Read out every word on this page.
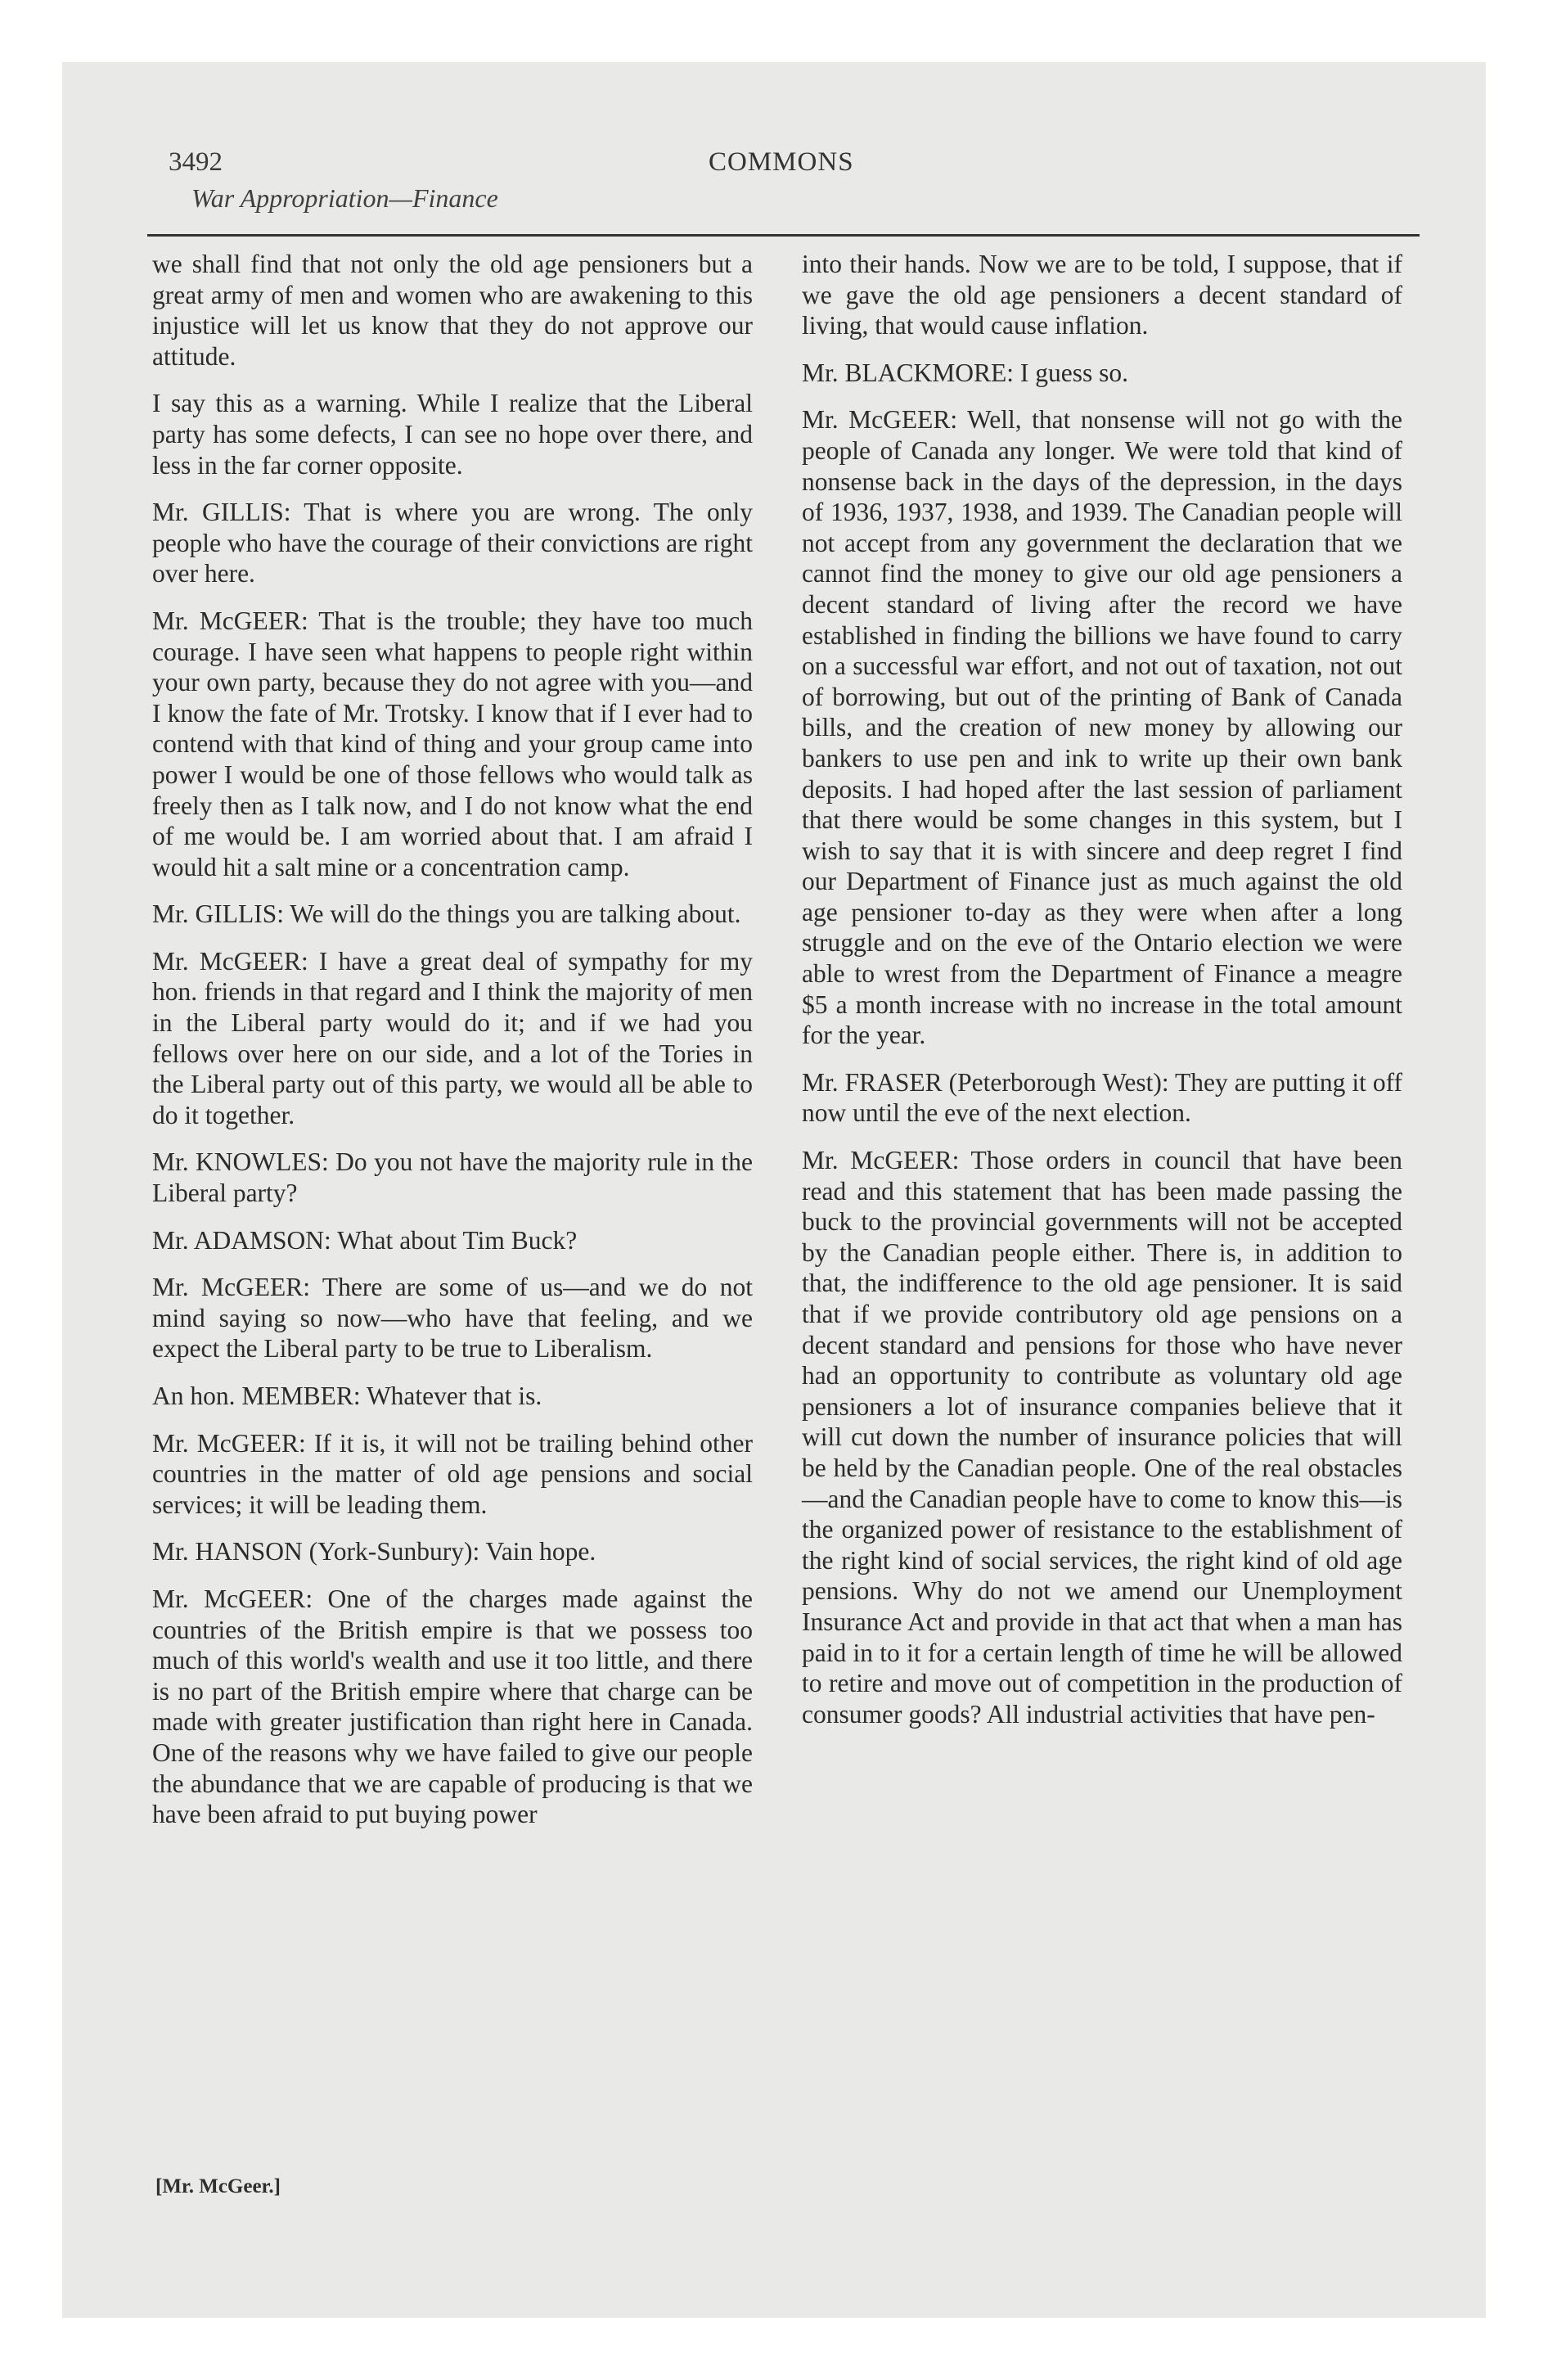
3492
War Appropriation—Finance
COMMONS

we shall find that not only the old age pensioners but a great army of men and women who are awakening to this injustice will let us know that they do not approve our attitude.

I say this as a warning. While I realize that the Liberal party has some defects, I can see no hope over there, and less in the far corner opposite.

Mr. GILLIS: That is where you are wrong. The only people who have the courage of their convictions are right over here.

Mr. McGEER: That is the trouble; they have too much courage. I have seen what happens to people right within your own party, because they do not agree with you—and I know the fate of Mr. Trotsky. I know that if I ever had to contend with that kind of thing and your group came into power I would be one of those fellows who would talk as freely then as I talk now, and I do not know what the end of me would be. I am worried about that. I am afraid I would hit a salt mine or a concentration camp.

Mr. GILLIS: We will do the things you are talking about.

Mr. McGEER: I have a great deal of sympathy for my hon. friends in that regard and I think the majority of men in the Liberal party would do it; and if we had you fellows over here on our side, and a lot of the Tories in the Liberal party out of this party, we would all be able to do it together.

Mr. KNOWLES: Do you not have the majority rule in the Liberal party?

Mr. ADAMSON: What about Tim Buck?

Mr. McGEER: There are some of us—and we do not mind saying so now—who have that feeling, and we expect the Liberal party to be true to Liberalism.

An hon. MEMBER: Whatever that is.

Mr. McGEER: If it is, it will not be trailing behind other countries in the matter of old age pensions and social services; it will be leading them.

Mr. HANSON (York-Sunbury): Vain hope.

Mr. McGEER: One of the charges made against the countries of the British empire is that we possess too much of this world's wealth and use it too little, and there is no part of the British empire where that charge can be made with greater justification than right here in Canada. One of the reasons why we have failed to give our people the abundance that we are capable of producing is that we have been afraid to put buying power

into their hands. Now we are to be told, I suppose, that if we gave the old age pensioners a decent standard of living, that would cause inflation.

Mr. BLACKMORE: I guess so.

Mr. McGEER: Well, that nonsense will not go with the people of Canada any longer. We were told that kind of nonsense back in the days of the depression, in the days of 1936, 1937, 1938, and 1939. The Canadian people will not accept from any government the declaration that we cannot find the money to give our old age pensioners a decent standard of living after the record we have established in finding the billions we have found to carry on a successful war effort, and not out of taxation, not out of borrowing, but out of the printing of Bank of Canada bills, and the creation of new money by allowing our bankers to use pen and ink to write up their own bank deposits. I had hoped after the last session of parliament that there would be some changes in this system, but I wish to say that it is with sincere and deep regret I find our Department of Finance just as much against the old age pensioner to-day as they were when after a long struggle and on the eve of the Ontario election we were able to wrest from the Department of Finance a meagre $5 a month increase with no increase in the total amount for the year.

Mr. FRASER (Peterborough West): They are putting it off now until the eve of the next election.

Mr. McGEER: Those orders in council that have been read and this statement that has been made passing the buck to the provincial governments will not be accepted by the Canadian people either. There is, in addition to that, the indifference to the old age pensioner. It is said that if we provide contributory old age pensions on a decent standard and pensions for those who have never had an opportunity to contribute as voluntary old age pensioners a lot of insurance companies believe that it will cut down the number of insurance policies that will be held by the Canadian people. One of the real obstacles—and the Canadian people have to come to know this—is the organized power of resistance to the establishment of the right kind of social services, the right kind of old age pensions. Why do not we amend our Unemployment Insurance Act and provide in that act that when a man has paid in to it for a certain length of time he will be allowed to retire and move out of competition in the production of consumer goods? All industrial activities that have pen-

[Mr. McGeer.]
